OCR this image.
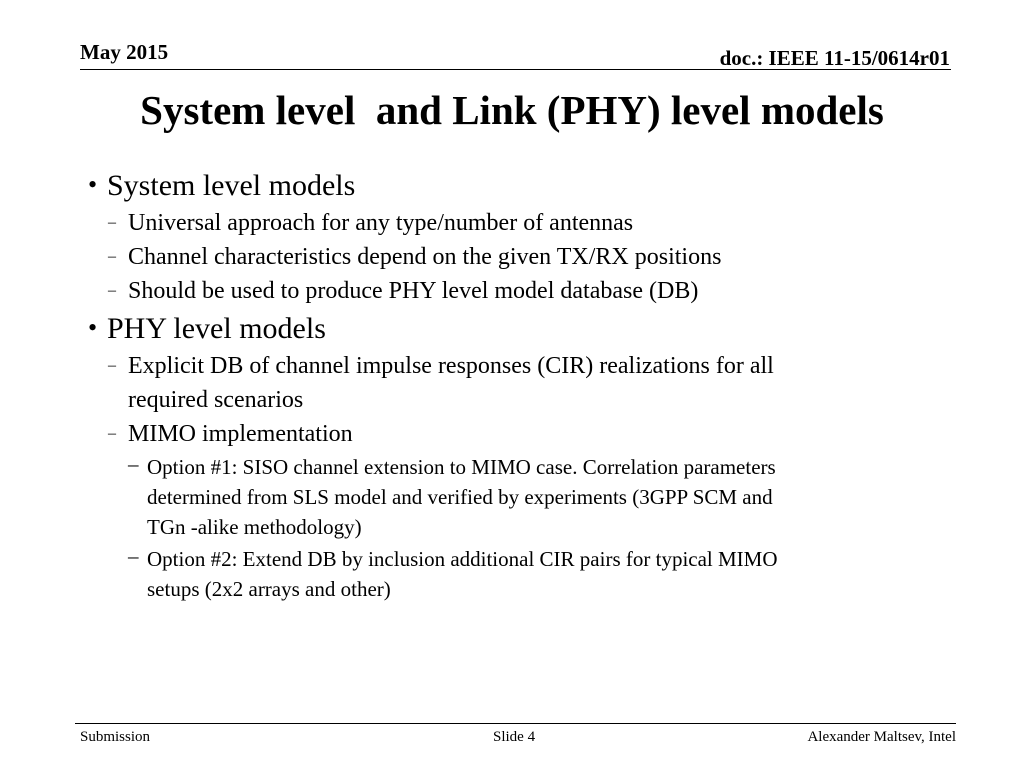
May 2015	doc.: IEEE 11-15/0614r01
System level  and Link (PHY) level models
• System level models
– Universal approach for any type/number of antennas
– Channel characteristics depend on the given TX/RX positions
– Should be used to produce PHY level model database (DB)
• PHY level models
– Explicit DB of channel impulse responses (CIR) realizations for all
required scenarios
– MIMO implementation
– Option #1: SISO channel extension to MIMO case. Correlation parameters
determined from SLS model and verified by experiments (3GPP SCM and
TGn -alike methodology)
– Option #2: Extend DB by inclusion additional CIR pairs for typical MIMO
setups (2x2 arrays and other)
Submission	Slide 4	Alexander Maltsev, Intel
